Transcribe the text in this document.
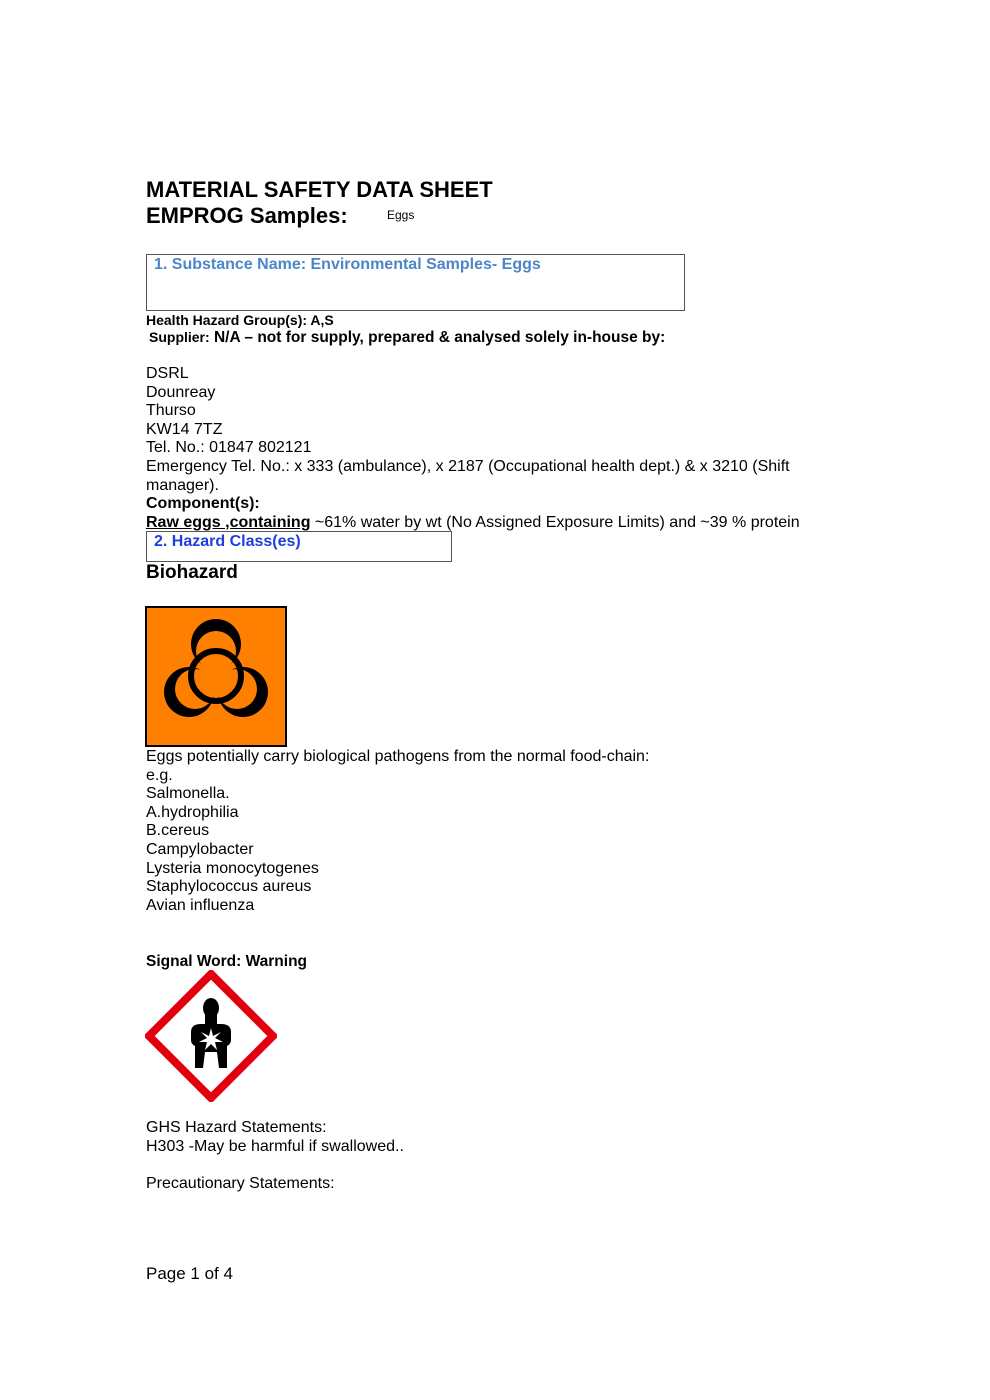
MATERIAL SAFETY DATA SHEET
EMPROG Samples:	Eggs
1. Substance Name: Environmental Samples- Eggs
Health Hazard Group(s): A,S
Supplier: N/A – not for supply, prepared & analysed solely in-house by:
DSRL
Dounreay
Thurso
KW14 7TZ
Tel. No.: 01847 802121
Emergency Tel. No.: x 333 (ambulance), x 2187 (Occupational health dept.) & x 3210 (Shift
manager).
Component(s):
Raw eggs ,containing ~61% water by wt (No Assigned Exposure Limits) and ~39 % protein
2. Hazard Class(es)
Biohazard
Eggs potentially carry biological pathogens from the normal food-chain:
e.g.
Salmonella.
A.hydrophilia
B.cereus
Campylobacter
Lysteria monocytogenes
Staphylococcus aureus
Avian influenza
Signal Word: Warning
GHS Hazard Statements:
H303 -May be harmful if swallowed..
Precautionary Statements:
Page 1 of 4
